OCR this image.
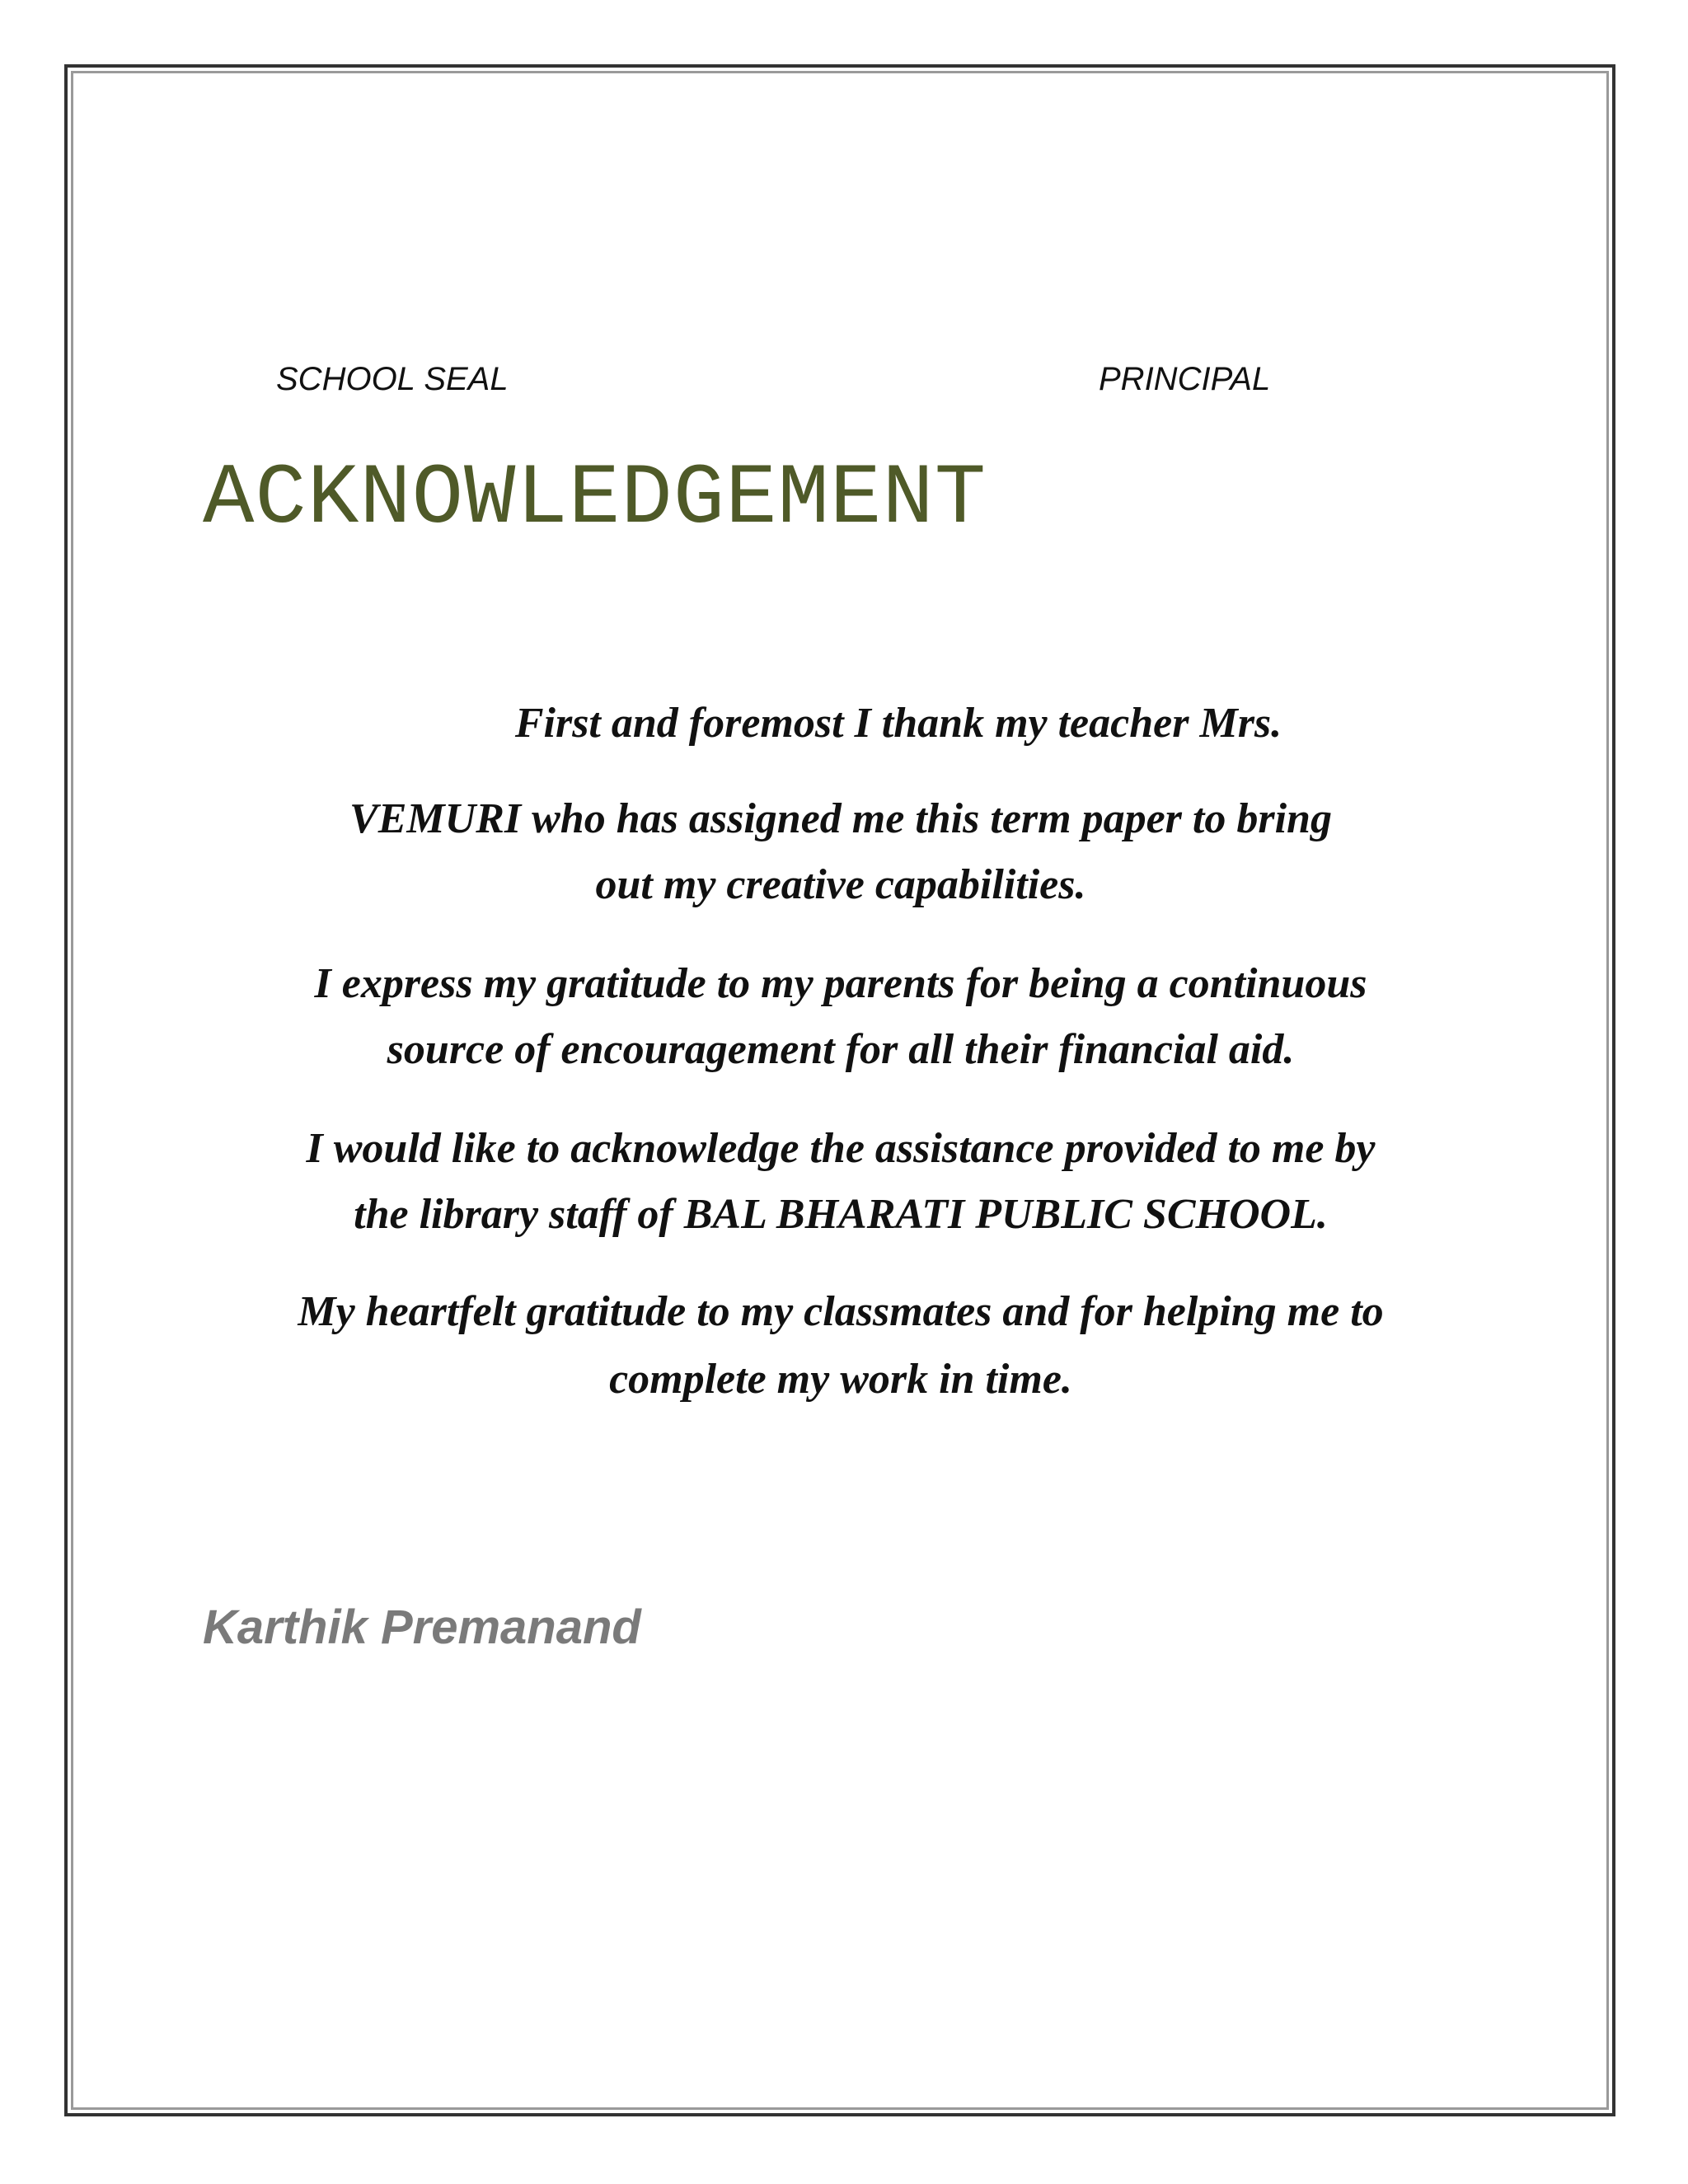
SCHOOL SEAL	PRINCIPAL
ACKNOWLEDGEMENT
First and foremost I thank my teacher Mrs.
VEMURI who has assigned me this term paper to bring
out my creative capabilities.
I express my gratitude to my parents for being a continuous
source of encouragement for all their financial aid.
I would like to acknowledge the assistance provided to me by
the library staff of BAL BHARATI PUBLIC SCHOOL.
My heartfelt gratitude to my classmates and for helping me to
complete my work in time.
Karthik Premanand
